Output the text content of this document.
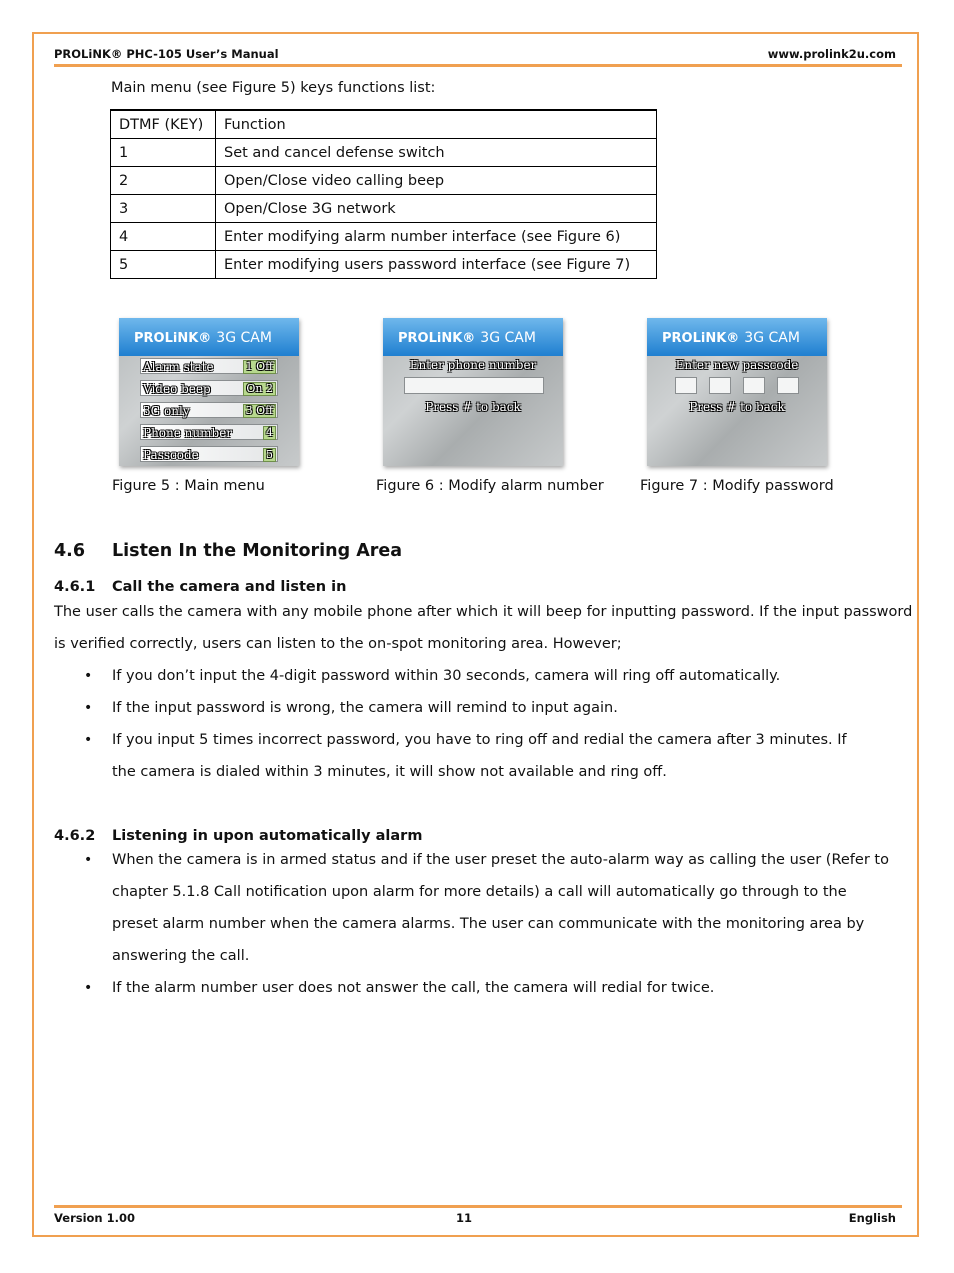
PROLiNK® PHC-105 User’s Manual	www.prolink2u.com
Main menu (see Figure 5) keys functions list:
DTMF (KEY)	Function
1	Set and cancel defense switch
2	Open/Close video calling beep
3	Open/Close 3G network
4	Enter modifying alarm number interface (see Figure 6)
5	Enter modifying users password interface (see Figure 7)
PROLiNK® 3G CAM
Alarm state	1 Off
Video beep	On 2
3G only	3 Off
Phone number	4
Passcode	5
PROLiNK® 3G CAM
Enter phone number
Press # to back
PROLiNK® 3G CAM
Enter new passcode
Press # to back
Figure 5 : Main menu	Figure 6 : Modify alarm number	Figure 7 : Modify password
4.6 Listen In the Monitoring Area
4.6.1 Call the camera and listen in
The user calls the camera with any mobile phone after which it will beep for inputting password. If the input password
is verified correctly, users can listen to the on-spot monitoring area. However;
• If you don’t input the 4-digit password within 30 seconds, camera will ring off automatically.
• If the input password is wrong, the camera will remind to input again.
• If you input 5 times incorrect password, you have to ring off and redial the camera after 3 minutes. If the camera is dialed within 3 minutes, it will show not available and ring off.
4.6.2 Listening in upon automatically alarm
• When the camera is in armed status and if the user preset the auto-alarm way as calling the user (Refer to chapter 5.1.8 Call notification upon alarm for more details) a call will automatically go through to the preset alarm number when the camera alarms. The user can communicate with the monitoring area by answering the call.
• If the alarm number user does not answer the call, the camera will redial for twice.
Version 1.00	11	English
